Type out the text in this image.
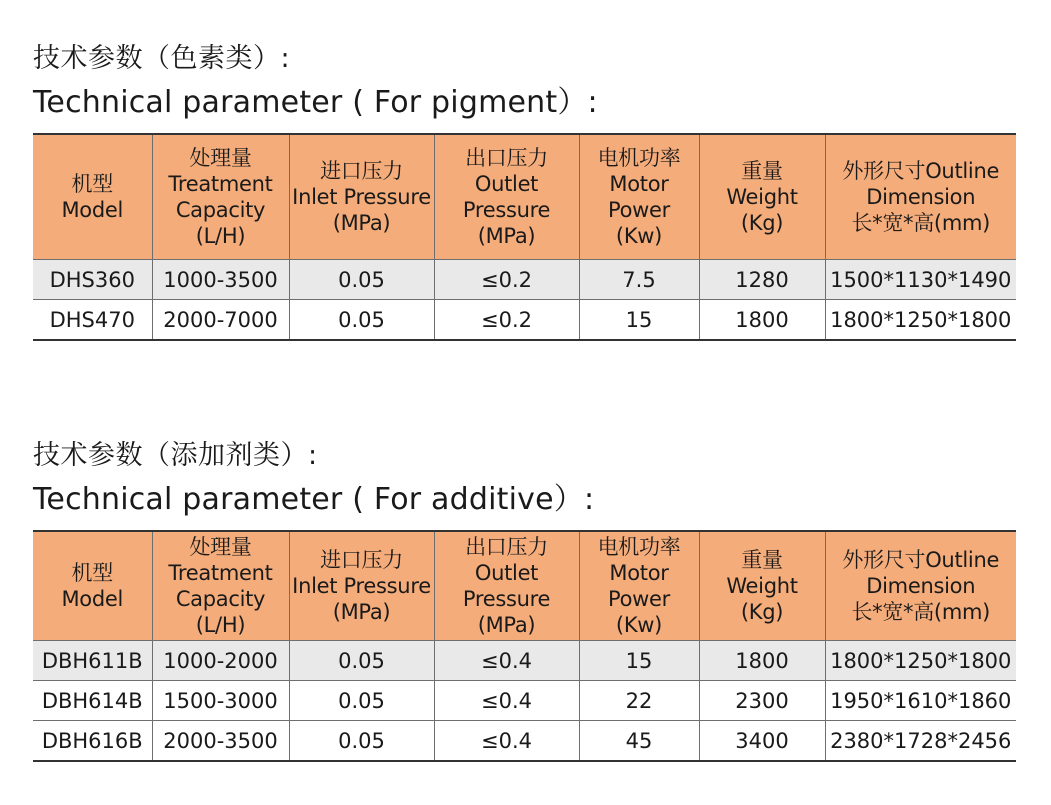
技术参数（色素类）:
Technical parameter ( For pigment）:
机型
Model	处理量
Treatment
Capacity
(L/H)	进口压力
Inlet Pressure
(MPa)	出口压力
Outlet
Pressure
(MPa)	电机功率
Motor
Power
(Kw)	重量
Weight
(Kg)	外形尺寸Outline
Dimension
长*宽*高(mm)

DHS360	1000-3500	0.05	≤0.2	7.5	1280	1500*1130*1490
DHS470	2000-7000	0.05	≤0.2	15	1800	1800*1250*1800
技术参数（添加剂类）:
Technical parameter ( For additive）:
机型
Model	处理量
Treatment
Capacity
(L/H)	进口压力
Inlet Pressure
(MPa)	出口压力
Outlet
Pressure
(MPa)	电机功率
Motor
Power
(Kw)	重量
Weight
(Kg)	外形尺寸Outline
Dimension
长*宽*高(mm)

DBH611B	1000-2000	0.05	≤0.4	15	1800	1800*1250*1800
DBH614B	1500-3000	0.05	≤0.4	22	2300	1950*1610*1860
DBH616B	2000-3500	0.05	≤0.4	45	3400	2380*1728*2456
